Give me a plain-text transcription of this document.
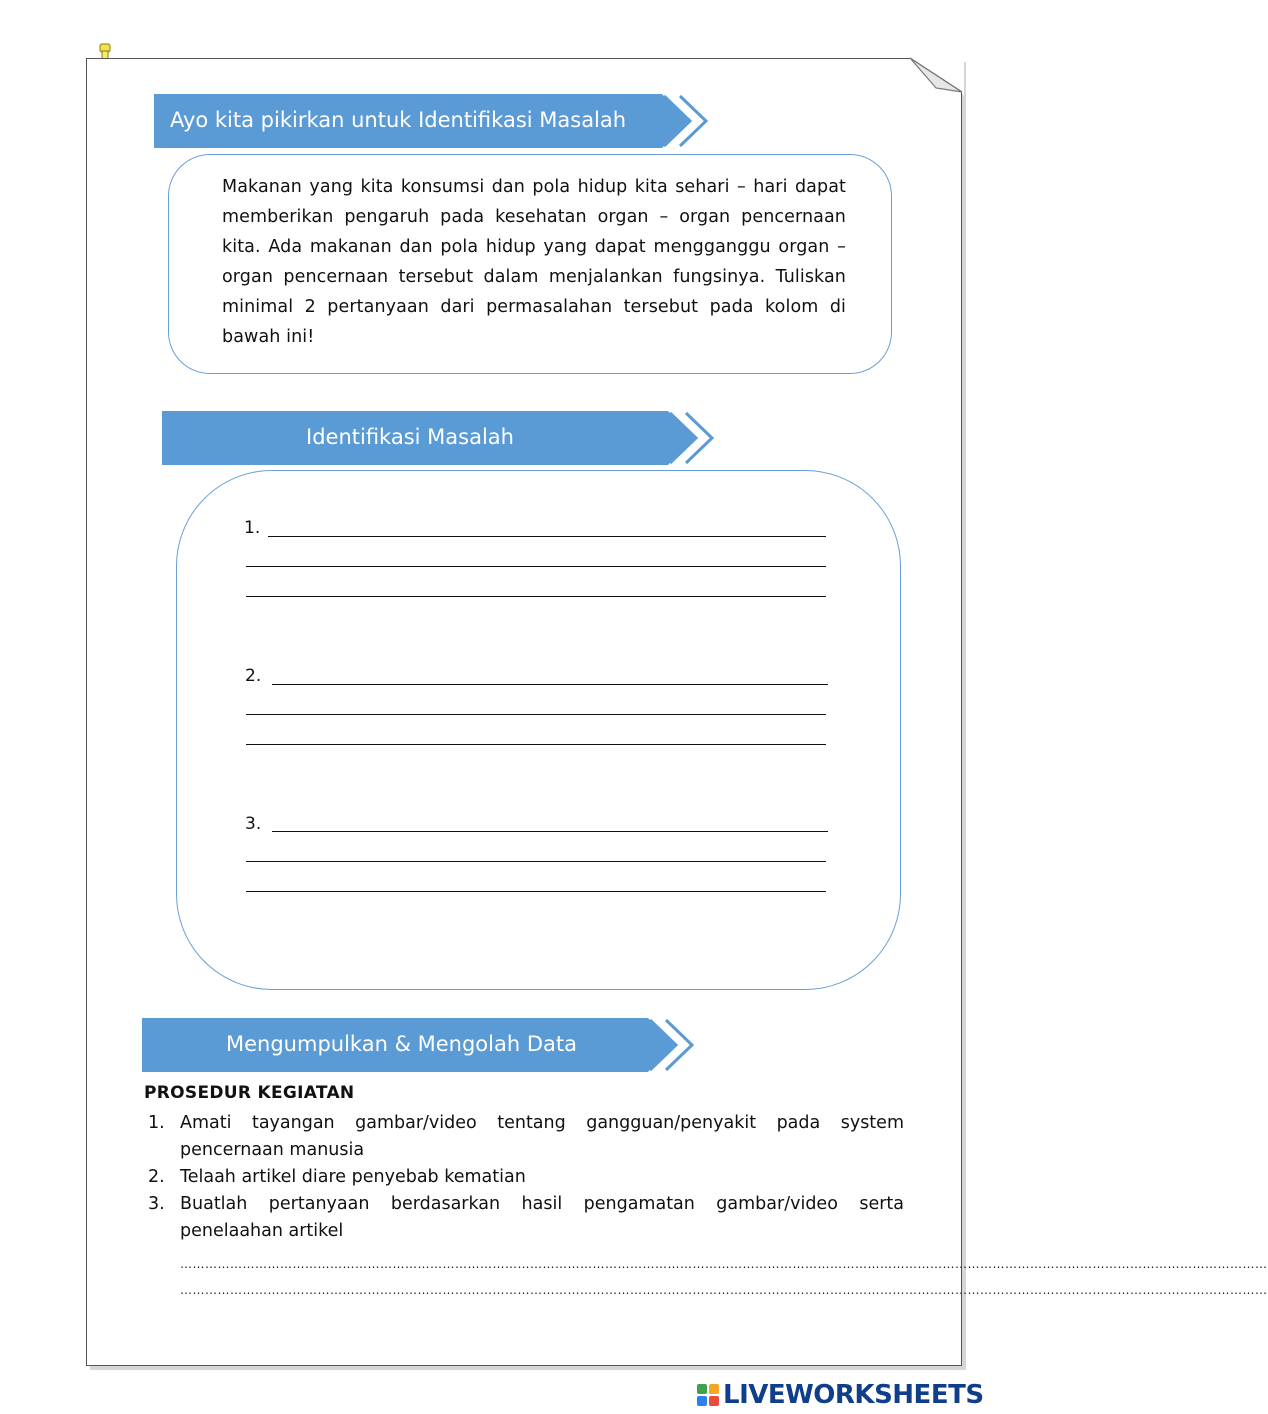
Ayo kita pikirkan untuk Identifikasi Masalah
Makanan yang kita konsumsi dan pola hidup kita sehari – hari dapat memberikan pengaruh pada kesehatan organ – organ pencernaan kita. Ada makanan dan pola hidup yang dapat mengganggu organ – organ pencernaan tersebut dalam menjalankan fungsinya. Tuliskan minimal 2 pertanyaan dari permasalahan tersebut pada kolom di bawah ini!
Identifikasi Masalah
1.
2.
3.
Mengumpulkan & Mengolah Data
PROSEDUR KEGIATAN
1. Amati tayangan gambar/video tentang gangguan/penyakit pada system pencernaan manusia
2. Telaah artikel diare penyebab kematian
3. Buatlah pertanyaan berdasarkan hasil pengamatan gambar/video serta penelaahan artikel
………………………………………………………………………………………………………………………………………………………………………………………………………………………………………
………………………………………………………………………………………………………………………………………………………………………………………………………………………………………
LIVEWORKSHEETS
